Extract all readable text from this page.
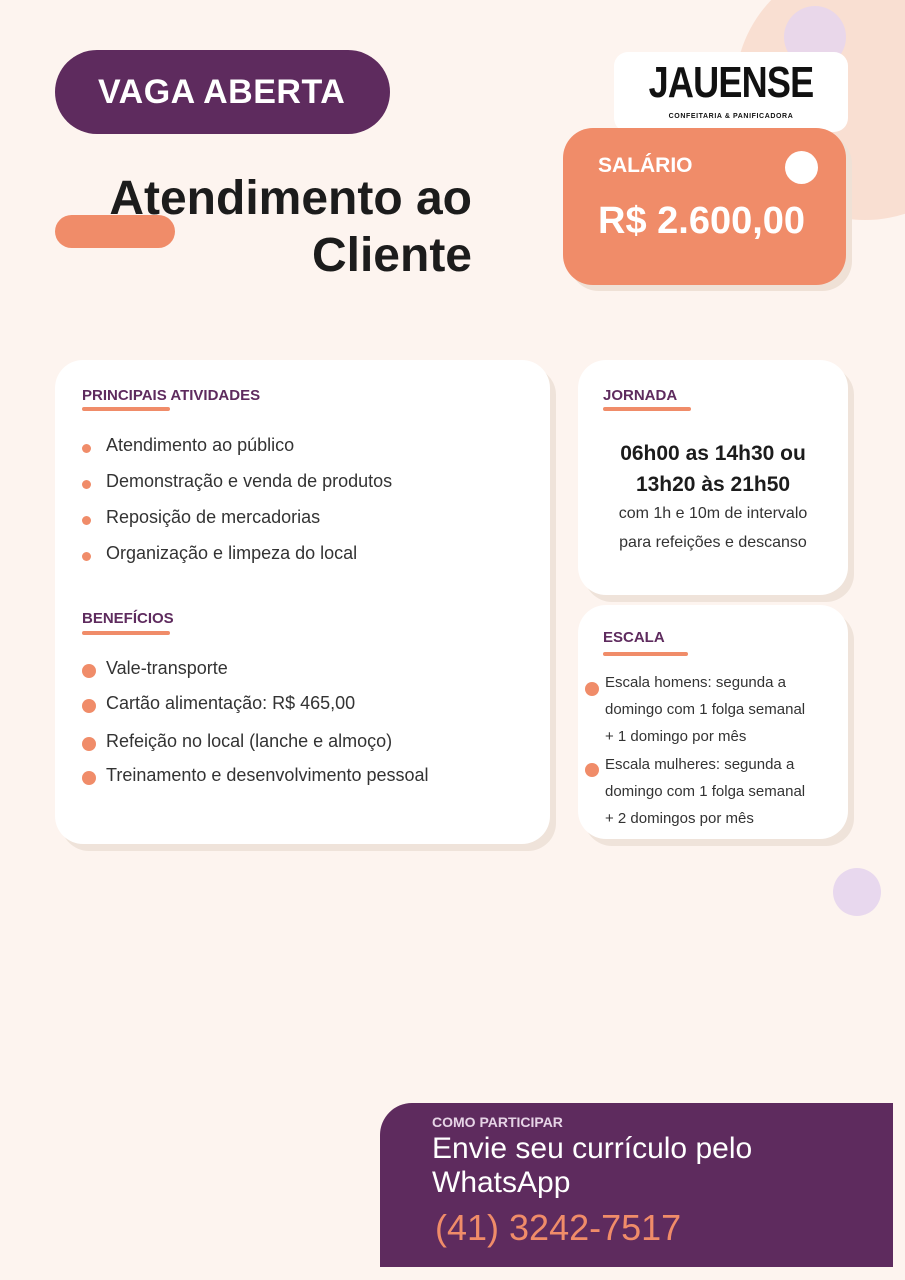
VAGA ABERTA
Atendimento ao
Cliente
JAUENSE
CONFEITARIA & PANIFICADORA
SALÁRIO
R$ 2.600,00
PRINCIPAIS ATIVIDADES
Atendimento ao público
Demonstração e venda de produtos
Reposição de mercadorias
Organização e limpeza do local
BENEFÍCIOS
Vale-transporte
Cartão alimentação: R$ 465,00
Refeição no local (lanche e almoço)
Treinamento e desenvolvimento pessoal
JORNADA
06h00 as 14h30 ou
13h20 às 21h50
com 1h e 10m de intervalo
para refeições e descanso
ESCALA
Escala homens: segunda a
domingo com 1 folga semanal
+ 1 domingo por mês
Escala mulheres: segunda a
domingo com 1 folga semanal
+ 2 domingos por mês
COMO PARTICIPAR
Envie seu currículo pelo
WhatsApp
(41) 3242-7517
